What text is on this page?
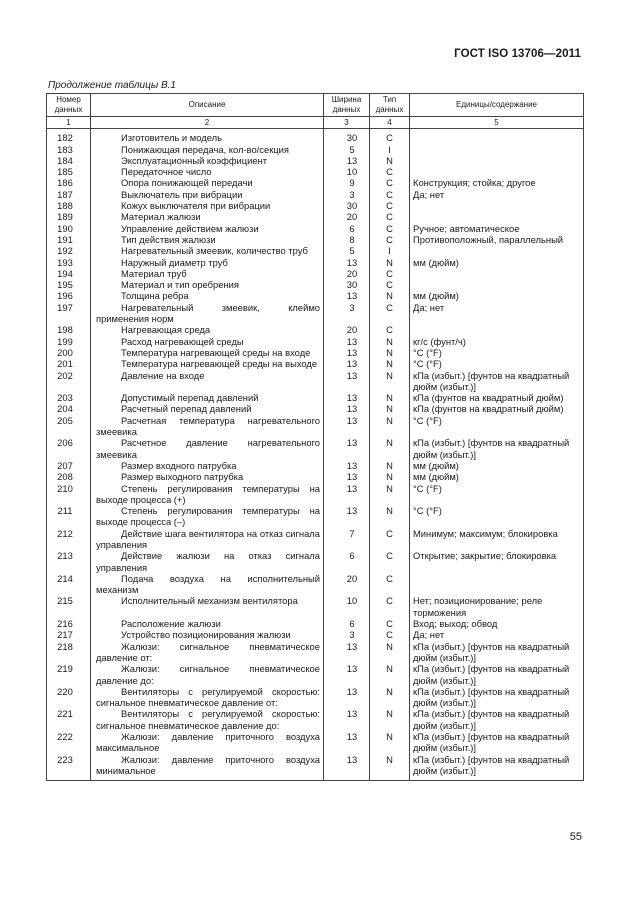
ГОСТ ISO 13706—2011
Продолжение таблицы В.1
Номер данных	Описание	Ширина данных	Тип данных	Единицы/содержание
1	2	3	4	5
182	Изготовитель и модель	30	C	
183	Понижающая передача, кол-во/секция	5	I	
184	Эксплуатационный коэффициент	13	N	
185	Передаточное число	10	C	
186	Опора понижающей передачи	9	C	Конструкция; стойка; другое
187	Выключатель при вибрации	3	C	Да; нет
188	Кожух выключателя при вибрации	30	C	
189	Материал жалюзи	20	C	
190	Управление действием жалюзи	6	C	Ручное; автоматическое
191	Тип действия жалюзи	8	C	Противоположный, параллельный
192	Нагревательный змеевик, количество труб	5	I	
193	Наружный диаметр труб	13	N	мм (дюйм)
194	Материал труб	20	C	
195	Материал и тип оребрения	30	C	
196	Толщина ребра	13	N	мм (дюйм)
197	Нагревательный змеевик, клеймо применения норм	3	C	Да; нет
198	Нагревающая среда	20	C	
199	Расход нагревающей среды	13	N	кг/с (фунт/ч)
200	Температура нагревающей среды на входе	13	N	°C (°F)
201	Температура нагревающей среды на выходе	13	N	°C (°F)
202	Давление на входе	13	N	кПа (избыт.) [фунтов на квадратный дюйм (избыт.)]
203	Допустимый перепад давлений	13	N	кПа (фунтов на квадратный дюйм)
204	Расчетный перепад давлений	13	N	кПа (фунтов на квадратный дюйм)
205	Расчетная температура нагревательного змеевика	13	N	°C (°F)
206	Расчетное давление нагревательного змеевика	13	N	кПа (избыт.) [фунтов на квадратный дюйм (избыт.)]
207	Размер входного патрубка	13	N	мм (дюйм)
208	Размер выходного патрубка	13	N	мм (дюйм)
210	Степень регулирования температуры на выходе процесса (+)	13	N	°C (°F)
211	Степень регулирования температуры на выходе процесса (–)	13	N	°C (°F)
212	Действие шага вентилятора на отказ сигнала управления	7	C	Минимум; максимум; блокировка
213	Действие жалюзи на отказ сигнала управления	6	C	Открытие; закрытие; блокировка
214	Подача воздуха на исполнительный механизм	20	C	
215	Исполнительный механизм вентилятора	10	C	Нет; позиционирование; реле торможения
216	Расположение жалюзи	6	C	Вход; выход; обвод
217	Устройство позиционирования жалюзи	3	C	Да; нет
218	Жалюзи: сигнальное пневматическое давление от:	13	N	кПа (избыт.) [фунтов на квадратный дюйм (избыт.)]
219	Жалюзи: сигнальное пневматическое давление до:	13	N	кПа (избыт.) [фунтов на квадратный дюйм (избыт.)]
220	Вентиляторы с регулируемой скоростью: сигнальное пневматическое давление от:	13	N	кПа (избыт.) [фунтов на квадратный дюйм (избыт.)]
221	Вентиляторы с регулируемой скоростью: сигнальное пневматическое давление до:	13	N	кПа (избыт.) [фунтов на квадратный дюйм (избыт.)]
222	Жалюзи: давление приточного воздуха максимальное	13	N	кПа (избыт.) [фунтов на квадратный дюйм (избыт.)]
223	Жалюзи: давление приточного воздуха минимальное	13	N	кПа (избыт.) [фунтов на квадратный дюйм (избыт.)]
55
